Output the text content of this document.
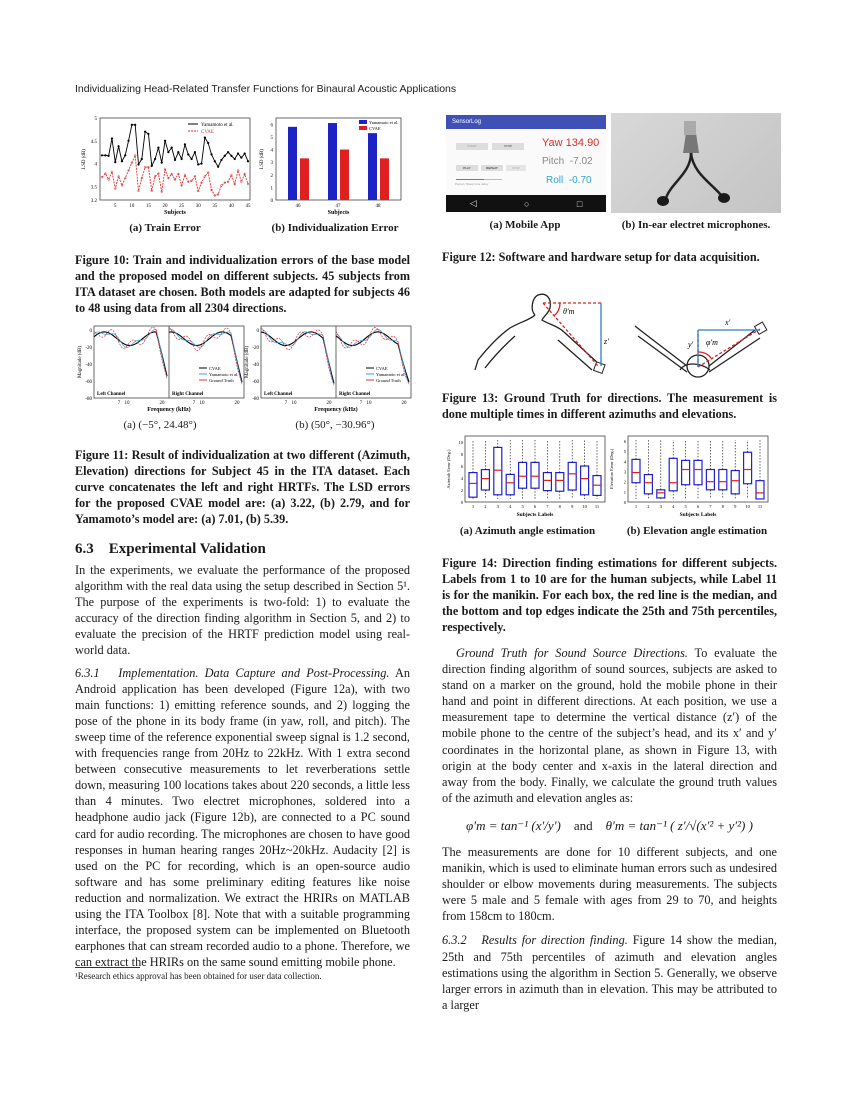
Individualizing Head-Related Transfer Functions for Binaural Acoustic Applications
3.2
3.5
4
4.5
5
5	10 15 20 25 30 35 40 45
Subjects
LSD (dB)
Yamamoto et al.
CVAE
0
1
2
3
4
5
6
Subjects
LSD (dB)
46	47	48
Yamamoto et al.
CVAE
(a) Train Error	(b) Individualization Error

Figure 10: Train and individualization errors of the base model and the proposed model on different subjects. 45 subjects from ITA dataset are chosen. Both models are adapted for subjects 46 to 48 using data from all 2304 directions.

0
-20
-40
-60
-80
7 10	20	7 10	20
Frequency (kHz)
Magnitude (dB)
Left Channel	Right Channel
CVAE
Yamamoto et al.
Ground Truth
0
-20
-40
-60
-80
7 10	20	7 10	20
Frequency (kHz)
Magnitude (dB)
Left Channel	Right Channel
CVAE
Yamamoto et al.
Ground Truth
(a) (−5°, 24.48°)	(b) (50°, −30.96°)

Figure 11: Result of individualization at two different (Azimuth, Elevation) directions for Subject 45 in the ITA dataset. Each curve concatenates the left and right HRTFs. The LSD errors for the proposed CVAE model are: (a) 3.22, (b) 2.79, and for Yamamoto’s model are: (a) 7.01, (b) 5.39.

6.3 Experimental Validation

In the experiments, we evaluate the performance of the proposed algorithm with the real data using the setup described in Section 5¹. The purpose of the experiments is two-fold: 1) to evaluate the accuracy of the direction finding algorithm in Section 5, and 2) to evaluate the precision of the HRTF prediction model using real-world data.

6.3.1 Implementation. Data Capture and Post-Processing. An Android application has been developed (Figure 12a), with two main functions: 1) emitting reference sounds, and 2) logging the pose of the phone in its body frame (in yaw, roll, and pitch). The sweep time of the reference exponential sweep signal is 1.2 second, with frequencies range from 20Hz to 22kHz. With 1 extra second between consecutive measurements to let reverberations settle down, measuring 100 locations takes about 220 seconds, a little less than 4 minutes. Two electret microphones, soldered into a headphone audio jack (Figure 12b), are connected to a PC sound card for audio recording. The microphones are chosen to have good responses in human hearing ranges 20Hz~20kHz. Audacity [2] is used on the PC for recording, which is an open-source audio software and has some preliminary editing features like noise reduction and normalization. We extract the HRIRs on MATLAB using the ITA Toolbox [8]. Note that with a suitable programming interface, the proposed system can be implemented on Bluetooth earphones that can stream recorded audio to a phone. Therefore, we can extract the HRIRs on the same sound emitting mobile phone.

¹Research ethics approval has been obtained for user data collection.
SensorLog
START	STOP
PLAY	REPEAT	STOP
Period / Sleep time delay
Yaw 134.90
Pitch -7.02
Roll -0.70
◁	○	□
(a) Mobile App	(b) In-ear electret microphones.

Figure 12: Software and hardware setup for data acquisition.

θ′m
z′
x′
y′ φ′m

Figure 13: Ground Truth for directions. The measurement is done multiple times in different azimuths and elevations.

0
2
4
6
8
10
Subjects Labels
Azimuth Error (Deg.)
1 2 3 4 5 6 7 8 9 10 11
0
1
2
3
4
5
6
Subjects Labels
Elevation Error (Deg.)
1 2 3 4 5 6 7 8 9 10 11
(a) Azimuth angle estimation	(b) Elevation angle estimation

Figure 14: Direction finding estimations for different subjects. Labels from 1 to 10 are for the human subjects, while Label 11 is for the manikin. For each box, the red line is the median, and the bottom and top edges indicate the 25th and 75th percentiles, respectively.

Ground Truth for Sound Source Directions. To evaluate the direction finding algorithm of sound sources, subjects are asked to stand on a marker on the ground, hold the mobile phone in their hand and point in different directions. At each position, we use a measurement tape to determine the vertical distance (z′) of the mobile phone to the centre of the subject’s head, and its x′ and y′ coordinates in the horizontal plane, as shown in Figure 13, with origin at the body center and x-axis in the lateral direction and away from the body. Finally, we calculate the ground truth values of the azimuth and elevation angles as:

φ′m = tan⁻¹ (x′/y′) and θ′m = tan⁻¹ ( z′/√(x′² + y′²) )

The measurements are done for 10 different subjects, and one manikin, which is used to eliminate human errors such as undesired shoulder or elbow movements during measurements. The subjects were 5 male and 5 female with ages from 29 to 70, and heights from 158cm to 180cm.

6.3.2 Results for direction finding. Figure 14 show the median, 25th and 75th percentiles of azimuth and elevation angles estimations using the algorithm in Section 5. Generally, we observe larger errors in azimuth than in elevation. This may be attributed to a larger
